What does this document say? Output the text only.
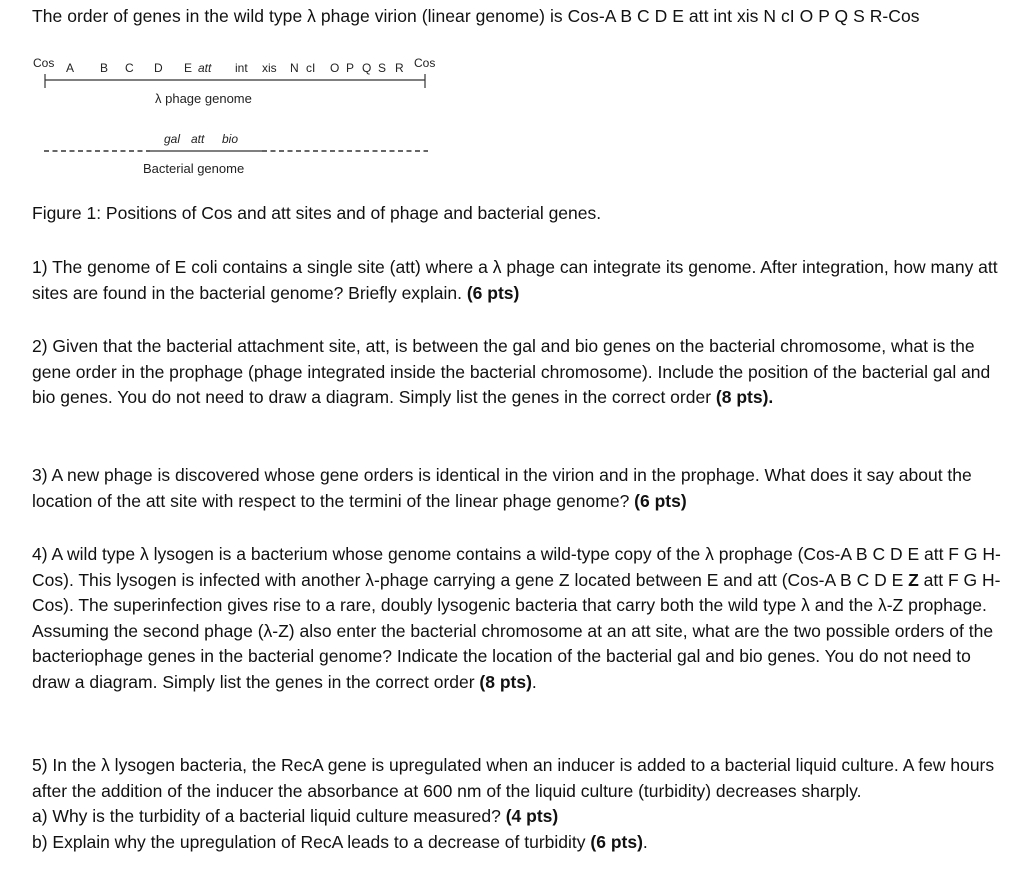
The order of genes in the wild type λ phage virion (linear genome) is Cos-A B C D E att int xis N cI O P Q S R-Cos
Cos A B C D E att int xis N cI O P Q S R Cos
λ phage genome
gal att bio
Bacterial genome
Figure 1: Positions of Cos and att sites and of phage and bacterial genes.

1) The genome of E coli contains a single site (att) where a λ phage can integrate its genome. After integration, how many att sites are found in the bacterial genome? Briefly explain. (6 pts)

2) Given that the bacterial attachment site, att, is between the gal and bio genes on the bacterial chromosome, what is the gene order in the prophage (phage integrated inside the bacterial chromosome). Include the position of the bacterial gal and bio genes. You do not need to draw a diagram. Simply list the genes in the correct order (8 pts).

3) A new phage is discovered whose gene orders is identical in the virion and in the prophage. What does it say about the location of the att site with respect to the termini of the linear phage genome? (6 pts)

4) A wild type λ lysogen is a bacterium whose genome contains a wild-type copy of the λ prophage (Cos-A B C D E att F G H-Cos). This lysogen is infected with another λ-phage carrying a gene Z located between E and att (Cos-A B C D E Z att F G H-Cos). The superinfection gives rise to a rare, doubly lysogenic bacteria that carry both the wild type λ and the λ-Z prophage. Assuming the second phage (λ-Z) also enter the bacterial chromosome at an att site, what are the two possible orders of the bacteriophage genes in the bacterial genome? Indicate the location of the bacterial gal and bio genes. You do not need to draw a diagram. Simply list the genes in the correct order (8 pts).

5) In the λ lysogen bacteria, the RecA gene is upregulated when an inducer is added to a bacterial liquid culture. A few hours after the addition of the inducer the absorbance at 600 nm of the liquid culture (turbidity) decreases sharply.

a) Why is the turbidity of a bacterial liquid culture measured? (4 pts)

b) Explain why the upregulation of RecA leads to a decrease of turbidity (6 pts).
